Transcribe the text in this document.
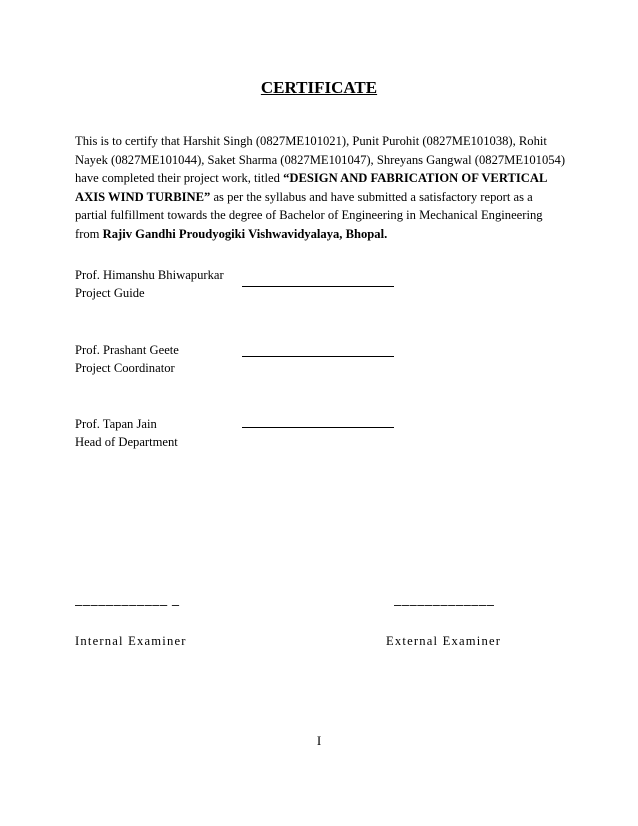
CERTIFICATE
This is to certify that Harshit Singh (0827ME101021), Punit Purohit (0827ME101038), Rohit
Nayek (0827ME101044), Saket Sharma (0827ME101047), Shreyans Gangwal (0827ME101054)
have completed their project work, titled “DESIGN AND FABRICATION OF VERTICAL
AXIS WIND TURBINE” as per the syllabus and have submitted a satisfactory report as a
partial fulfillment towards the degree of Bachelor of Engineering in Mechanical Engineering
from Rajiv Gandhi Proudyogiki Vishwavidyalaya, Bhopal.
Prof. Himanshu Bhiwapurkar
Project Guide
Prof. Prashant Geete
Project Coordinator
Prof. Tapan Jain
Head of Department
–––––––––––– –	–––––––––––––
Internal Examiner	External Examiner
I
